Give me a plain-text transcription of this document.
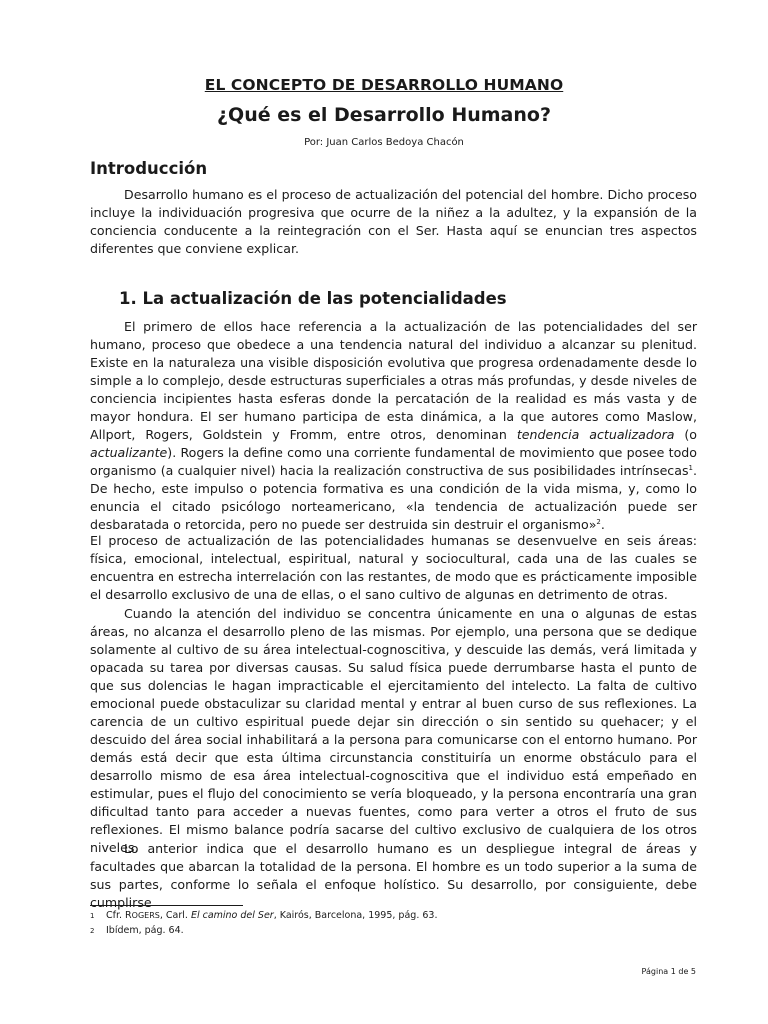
EL CONCEPTO DE DESARROLLO HUMANO
¿Qué es el Desarrollo Humano?
Por: Juan Carlos Bedoya Chacón
Introducción

Desarrollo humano es el proceso de actualización del potencial del hombre. Dicho proceso incluye la individuación progresiva que ocurre de la niñez a la adultez, y la expansión de la conciencia conducente a la reintegración con el Ser. Hasta aquí se enuncian tres aspectos diferentes que conviene explicar.

1. La actualización de las potencialidades

El primero de ellos hace referencia a la actualización de las potencialidades del ser humano, proceso que obedece a una tendencia natural del individuo a alcanzar su plenitud. Existe en la naturaleza una visible disposición evolutiva que progresa ordenadamente desde lo simple a lo complejo, desde estructuras superficiales a otras más profundas, y desde niveles de conciencia incipientes hasta esferas donde la percatación de la realidad es más vasta y de mayor hondura. El ser humano participa de esta dinámica, a la que autores como Maslow, Allport, Rogers, Goldstein y Fromm, entre otros, denominan tendencia actualizadora (o actualizante). Rogers la define como una corriente fundamental de movimiento que posee todo organismo (a cualquier nivel) hacia la realización constructiva de sus posibilidades intrínsecas$^1$. De hecho, este impulso o potencia formativa es una condición de la vida misma, y, como lo enuncia el citado psicólogo norteamericano, «la tendencia de actualización puede ser desbaratada o retorcida, pero no puede ser destruida sin destruir el organismo»$^2$.

El proceso de actualización de las potencialidades humanas se desenvuelve en seis áreas: física, emocional, intelectual, espiritual, natural y sociocultural, cada una de las cuales se encuentra en estrecha interrelación con las restantes, de modo que es prácticamente imposible el desarrollo exclusivo de una de ellas, o el sano cultivo de algunas en detrimento de otras.

Cuando la atención del individuo se concentra únicamente en una o algunas de estas áreas, no alcanza el desarrollo pleno de las mismas. Por ejemplo, una persona que se dedique solamente al cultivo de su área intelectual-cognoscitiva, y descuide las demás, verá limitada y opacada su tarea por diversas causas. Su salud física puede derrumbarse hasta el punto de que sus dolencias le hagan impracticable el ejercitamiento del intelecto. La falta de cultivo emocional puede obstaculizar su claridad mental y entrar al buen curso de sus reflexiones. La carencia de un cultivo espiritual puede dejar sin dirección o sin sentido su quehacer; y el descuido del área social inhabilitará a la persona para comunicarse con el entorno humano. Por demás está decir que esta última circunstancia constituiría un enorme obstáculo para el desarrollo mismo de esa área intelectual-cognoscitiva que el individuo está empeñado en estimular, pues el flujo del conocimiento se vería bloqueado, y la persona encontraría una gran dificultad tanto para acceder a nuevas fuentes, como para verter a otros el fruto de sus reflexiones. El mismo balance podría sacarse del cultivo exclusivo de cualquiera de los otros niveles.

Lo anterior indica que el desarrollo humano es un despliegue integral de áreas y facultades que abarcan la totalidad de la persona. El hombre es un todo superior a la suma de sus partes, conforme lo señala el enfoque holístico. Su desarrollo, por consiguiente, debe cumplirse

1 Cfr. ROGERS, Carl. El camino del Ser, Kairós, Barcelona, 1995, pág. 63.
2 Ibídem, pág. 64.
Página 1 de 5
